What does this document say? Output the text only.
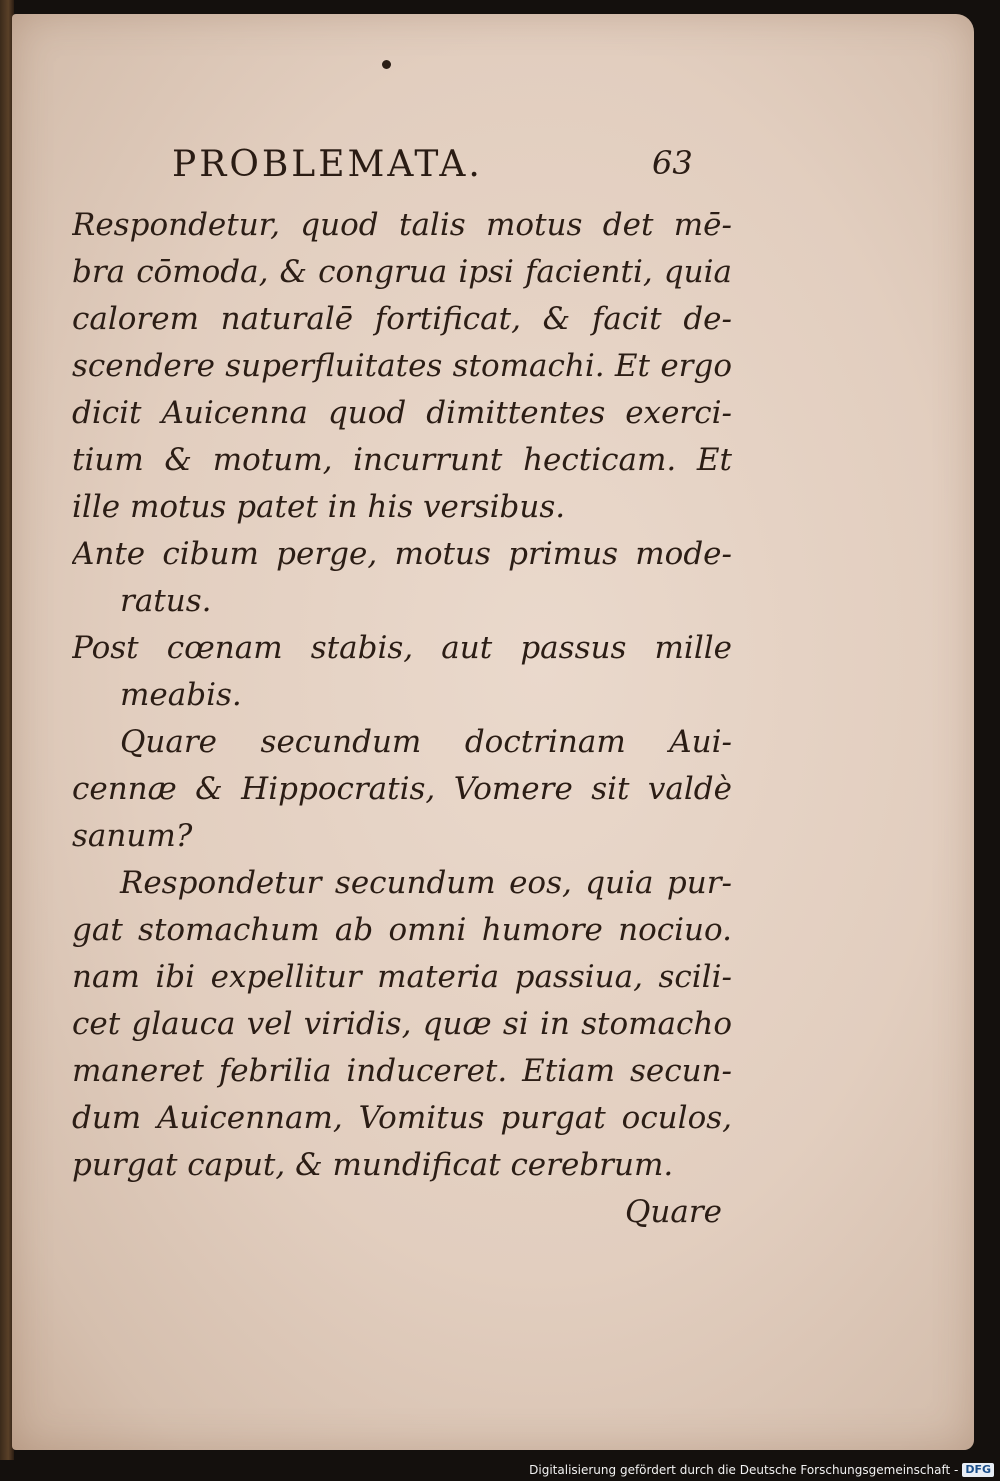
PROBLEMATA.	63
Respondetur, quod talis motus det mē-
bra cōmoda, & congrua ipsi facienti, quia
calorem naturalē fortificat, & facit de-
scendere superfluitates stomachi. Et ergo
dicit Auicenna quod dimittentes exerci-
tium & motum, incurrunt hecticam. Et
ille motus patet in his versibus.
Ante cibum perge, motus primus mode-
ratus.
Post cœnam stabis, aut passus mille
meabis.
Quare secundum doctrinam Aui-
cennæ & Hippocratis, Vomere sit valdè
sanum?
Respondetur secundum eos, quia pur-
gat stomachum ab omni humore nociuo.
nam ibi expellitur materia passiua, scili-
cet glauca vel viridis, quæ si in stomacho
maneret febrilia induceret. Etiam secun-
dum Auicennam, Vomitus purgat oculos,
purgat caput, & mundificat cerebrum.
Quare
Digitalisierung gefördert durch die Deutsche Forschungsgemeinschaft - DFG
